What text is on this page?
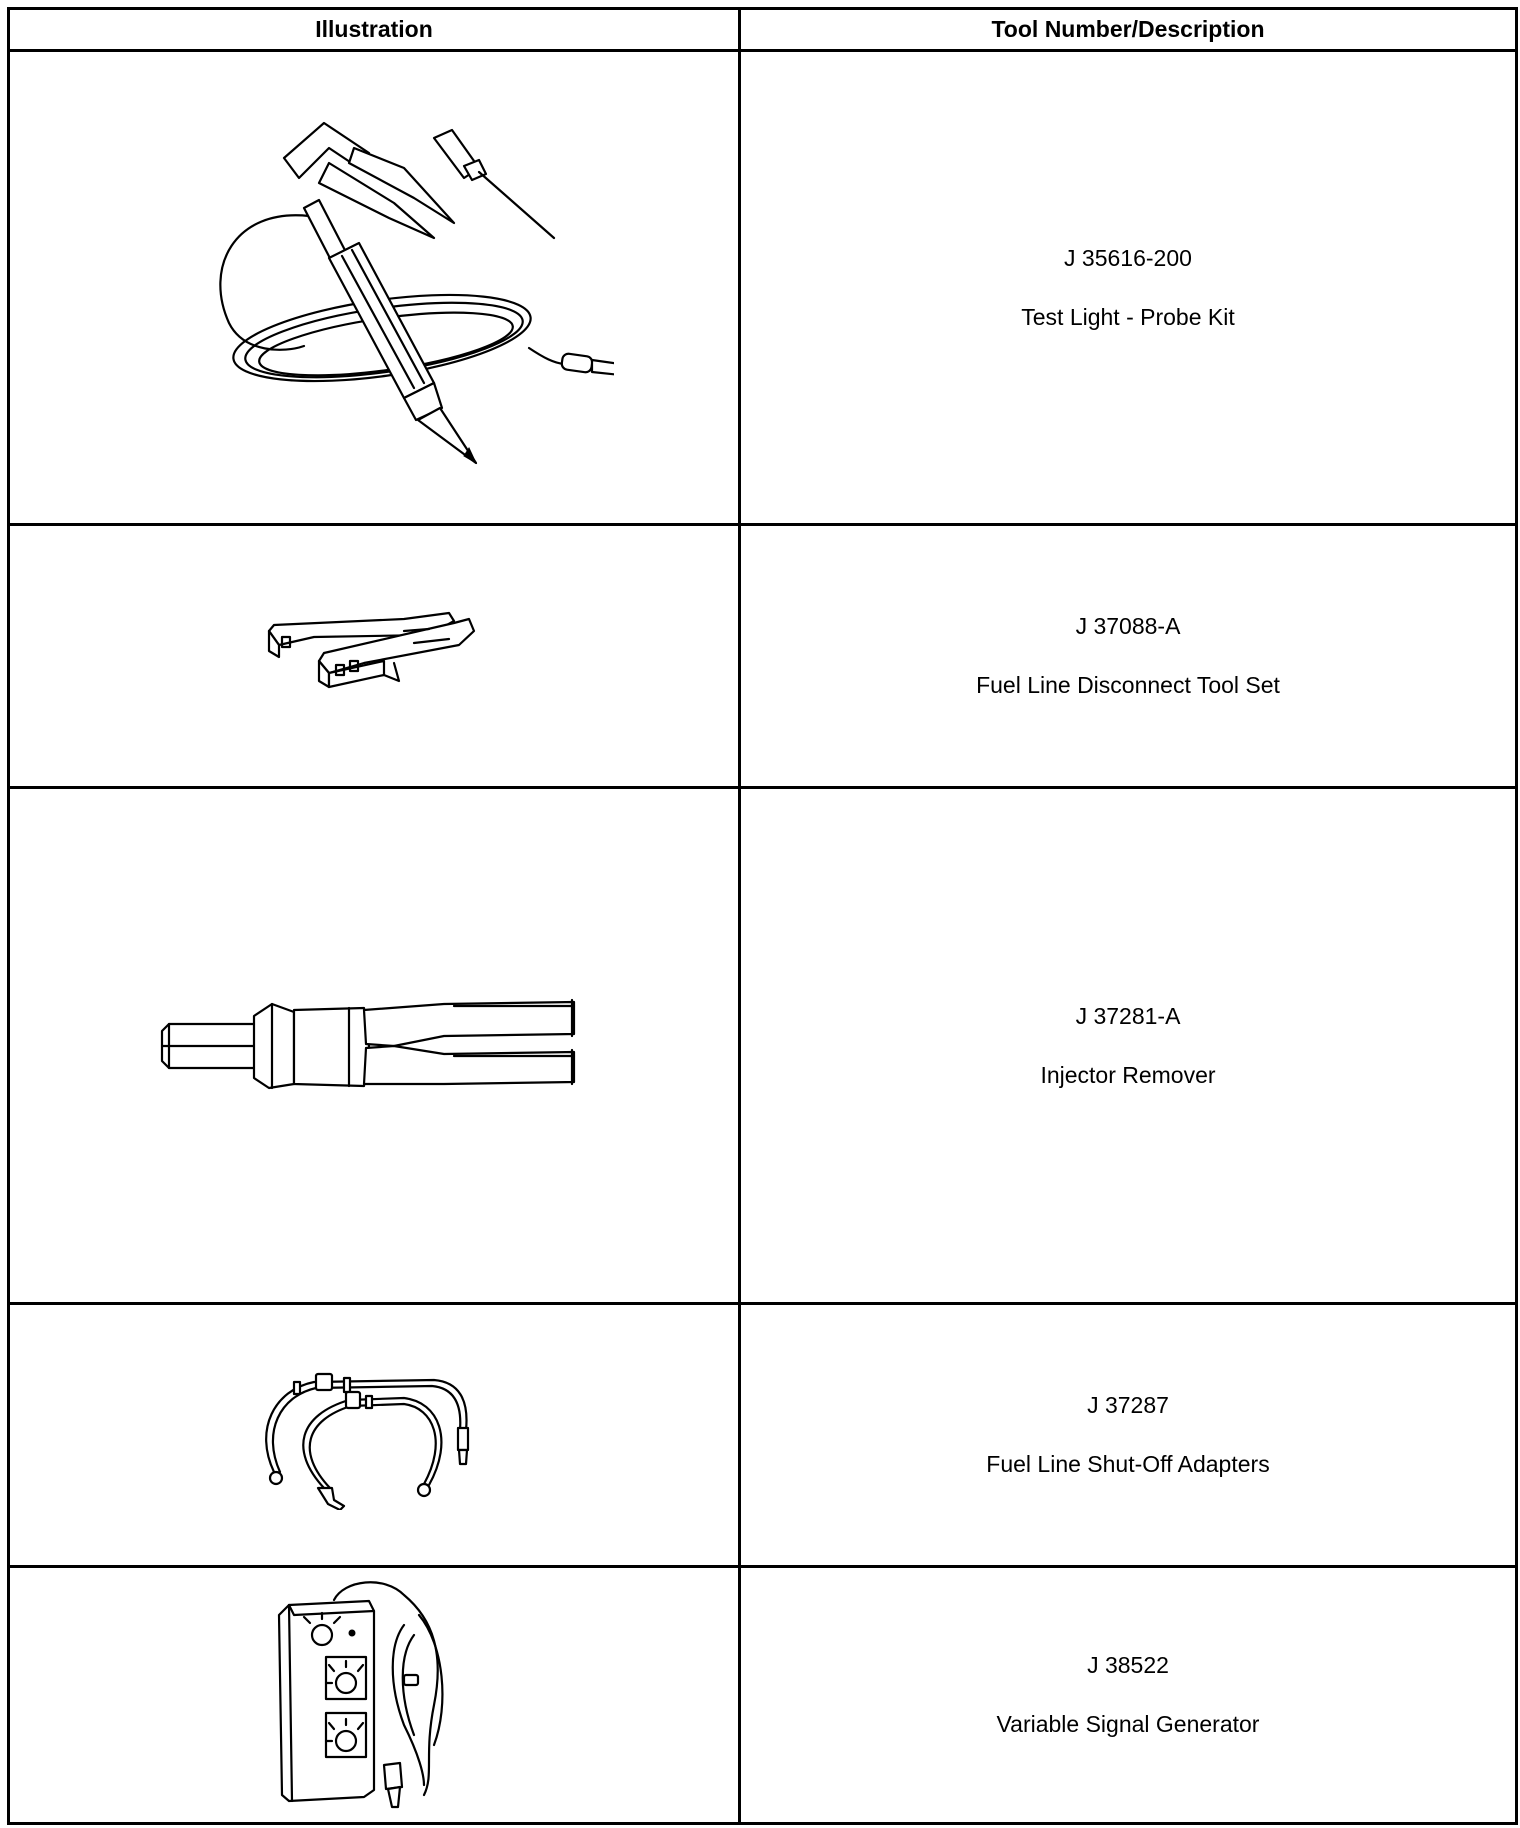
Illustration	Tool Number/Description

J 35616-200
Test Light - Probe Kit

J 37088-A
Fuel Line Disconnect Tool Set

J 37281-A
Injector Remover

J 37287
Fuel Line Shut-Off Adapters

J 38522
Variable Signal Generator
